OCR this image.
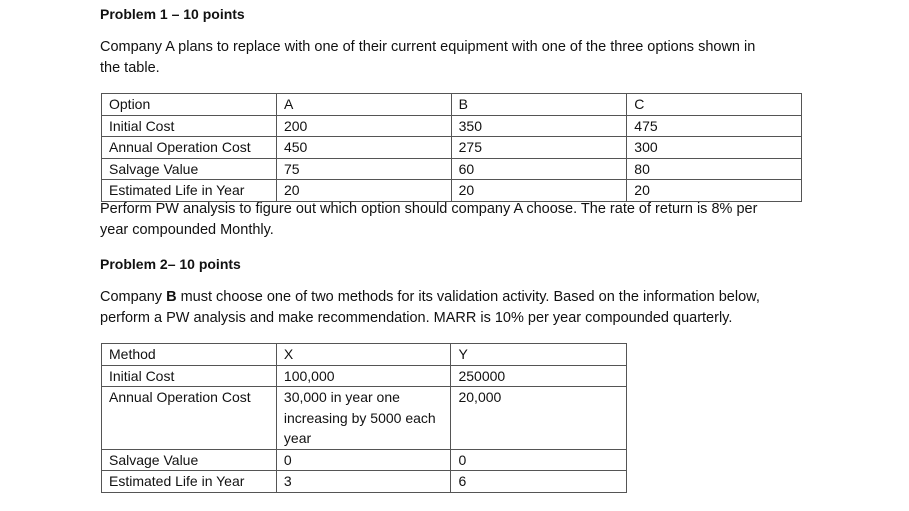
Problem 1 – 10 points
Company A plans to replace with one of their current equipment with one of the three options shown in
the table.
Option	A	B	C
Initial Cost	200	350	475
Annual Operation Cost	450	275	300
Salvage Value	75	60	80
Estimated Life in Year	20	20	20
Perform PW analysis to figure out which option should company A choose. The rate of return is 8% per
year compounded Monthly.
Problem 2– 10 points
Company B must choose one of two methods for its validation activity. Based on the information below,
perform a PW analysis and make recommendation. MARR is 10% per year compounded quarterly.
Method	X	Y
Initial Cost	100,000	250000
Annual Operation Cost	30,000 in year one increasing by 5000 each year	20,000
Salvage Value	0	0
Estimated Life in Year	3	6
